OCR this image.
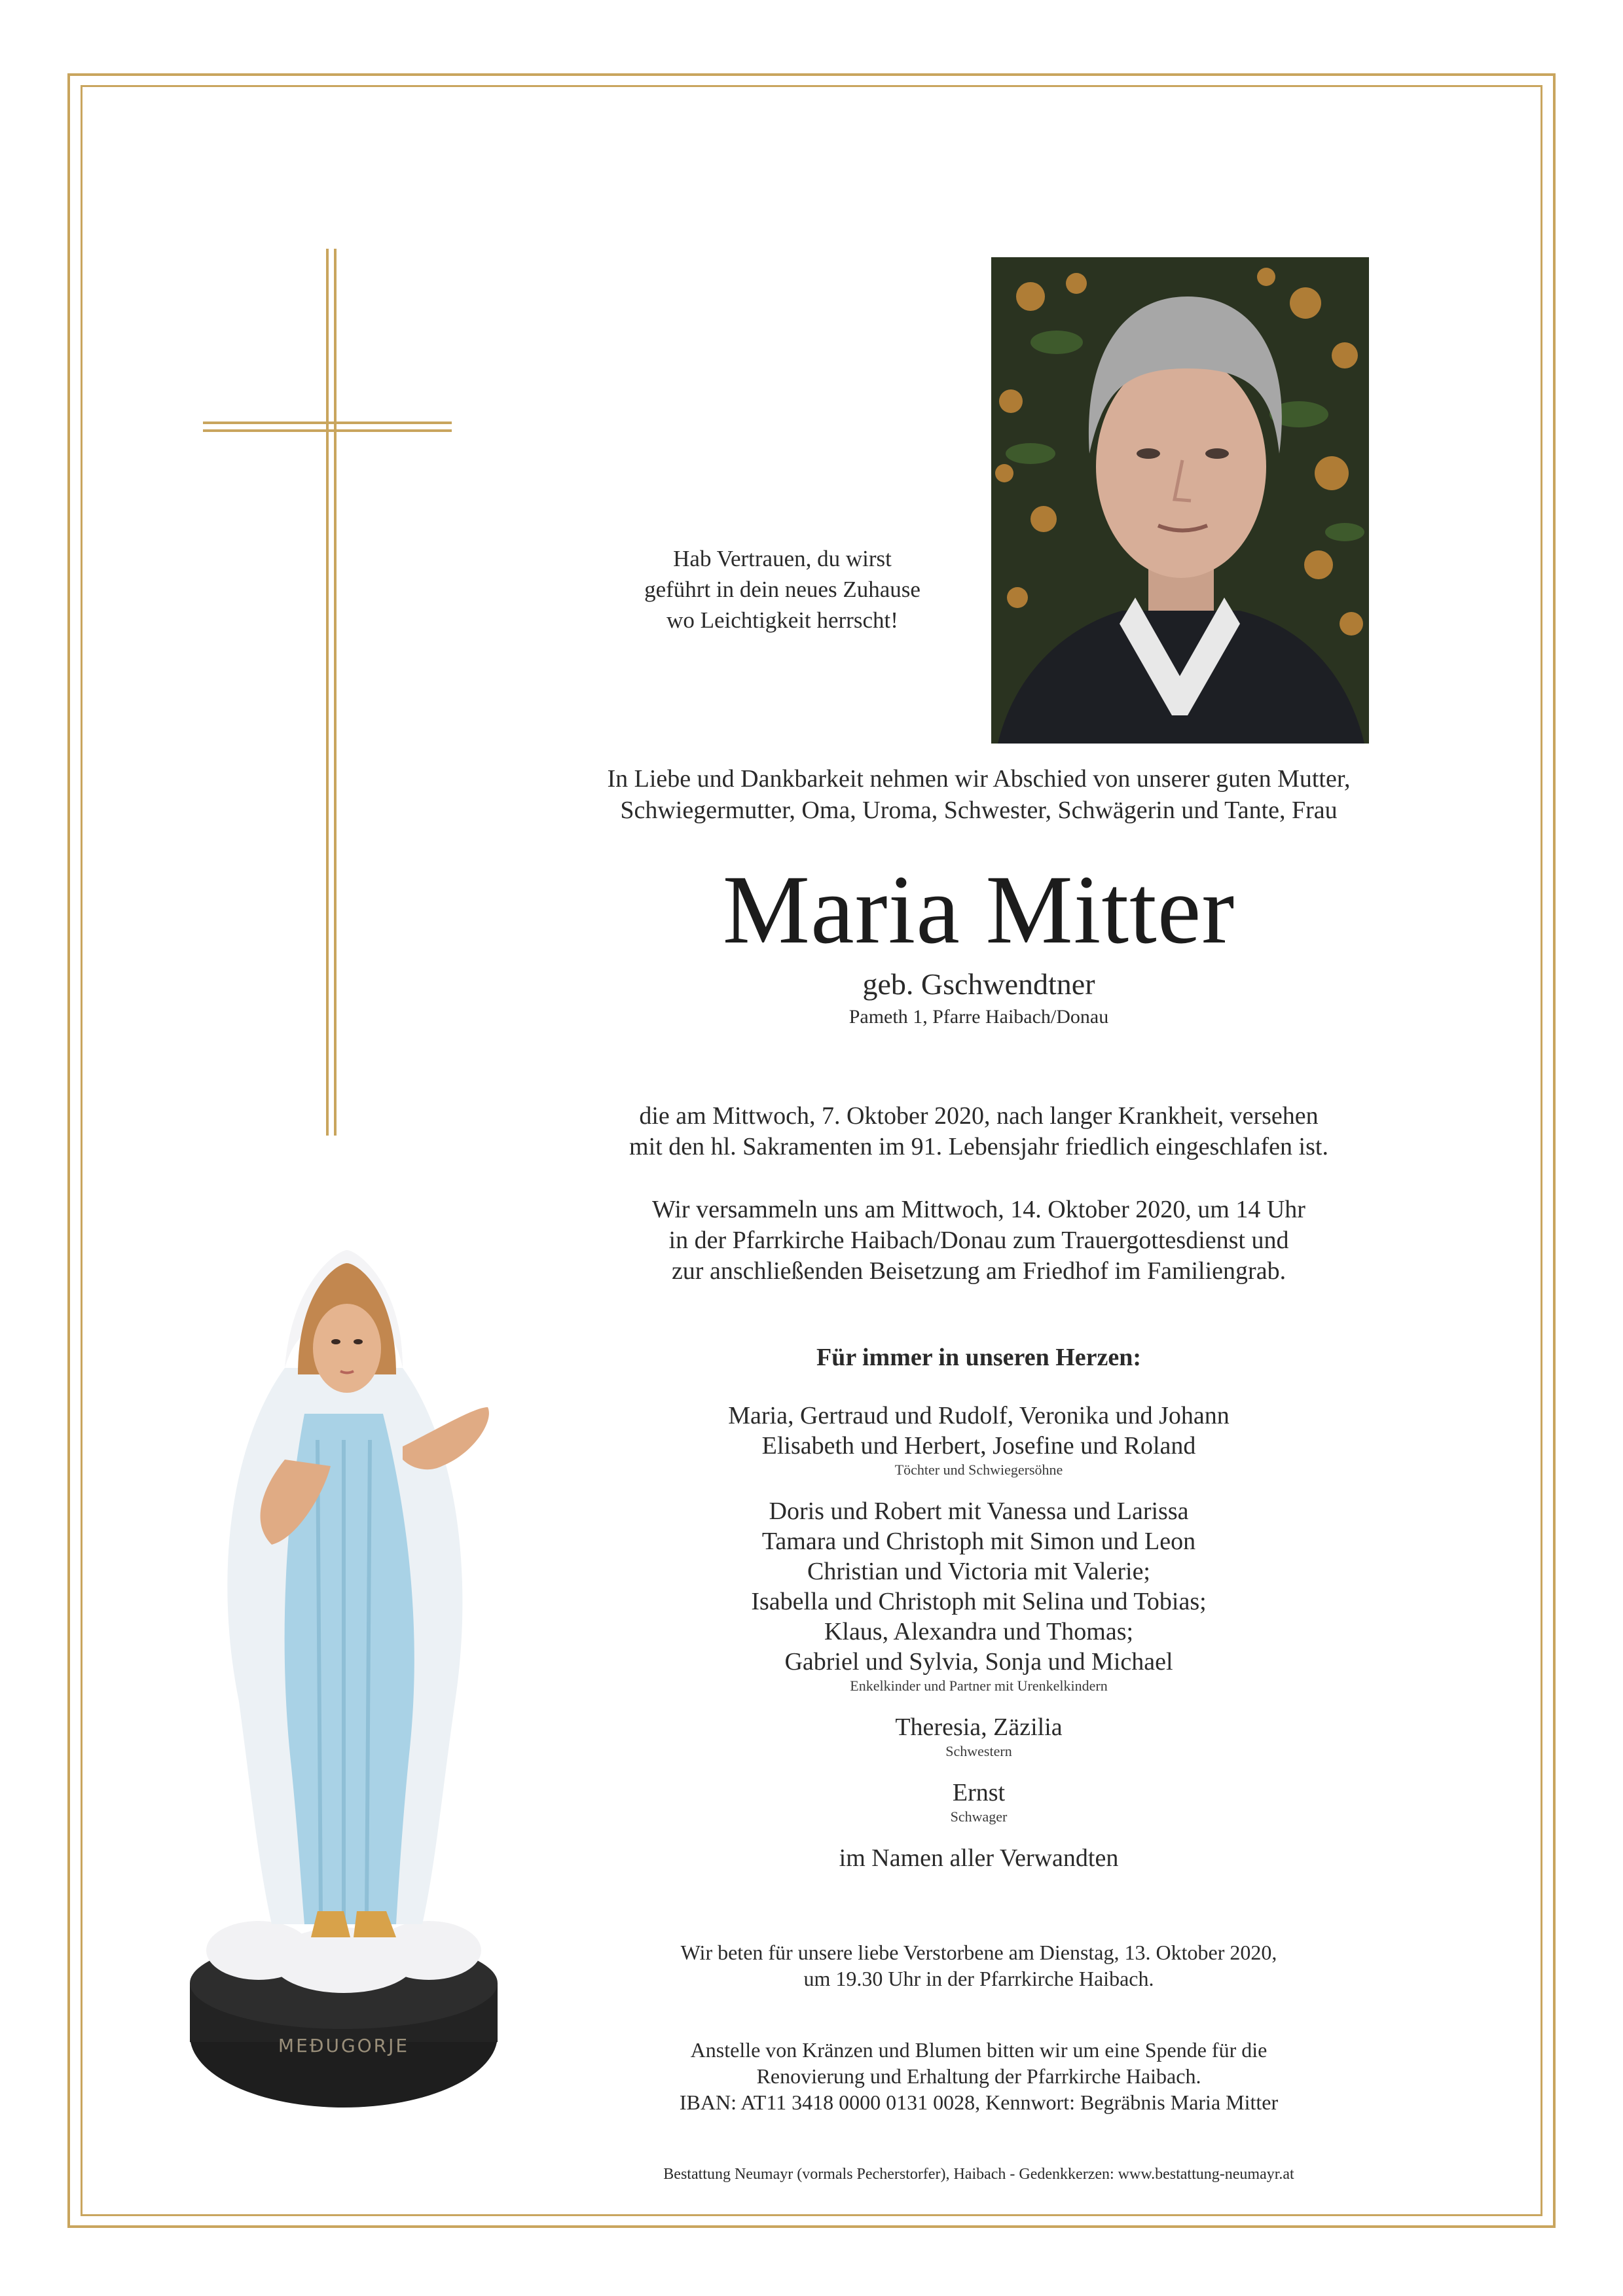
Hab Vertrauen, du wirst
geführt in dein neues Zuhause
wo Leichtigkeit herrscht!
In Liebe und Dankbarkeit nehmen wir Abschied von unserer guten Mutter,
Schwiegermutter, Oma, Uroma, Schwester, Schwägerin und Tante, Frau
Maria Mitter
geb. Gschwendtner
Pameth 1, Pfarre Haibach/Donau
die am Mittwoch, 7. Oktober 2020, nach langer Krankheit, versehen
mit den hl. Sakramenten im 91. Lebensjahr friedlich eingeschlafen ist.
Wir versammeln uns am Mittwoch, 14. Oktober 2020, um 14 Uhr
in der Pfarrkirche Haibach/Donau zum Trauergottesdienst und
zur anschließenden Beisetzung am Friedhof im Familiengrab.
Für immer in unseren Herzen:
Maria, Gertraud und Rudolf, Veronika und Johann
Elisabeth und Herbert, Josefine und Roland
Töchter und Schwiegersöhne
Doris und Robert mit Vanessa und Larissa
Tamara und Christoph mit Simon und Leon
Christian und Victoria mit Valerie;
Isabella und Christoph mit Selina und Tobias;
Klaus, Alexandra und Thomas;
Gabriel und Sylvia, Sonja und Michael
Enkelkinder und Partner mit Urenkelkindern
Theresia, Zäzilia
Schwestern
Ernst
Schwager
im Namen aller Verwandten
Wir beten für unsere liebe Verstorbene am Dienstag, 13. Oktober 2020,
um 19.30 Uhr in der Pfarrkirche Haibach.
Anstelle von Kränzen und Blumen bitten wir um eine Spende für die
Renovierung und Erhaltung der Pfarrkirche Haibach.
IBAN: AT11 3418 0000 0131 0028, Kennwort: Begräbnis Maria Mitter
Bestattung Neumayr (vormals Pecherstorfer), Haibach - Gedenkkerzen: www.bestattung-neumayr.at
MEĐUGORJE
